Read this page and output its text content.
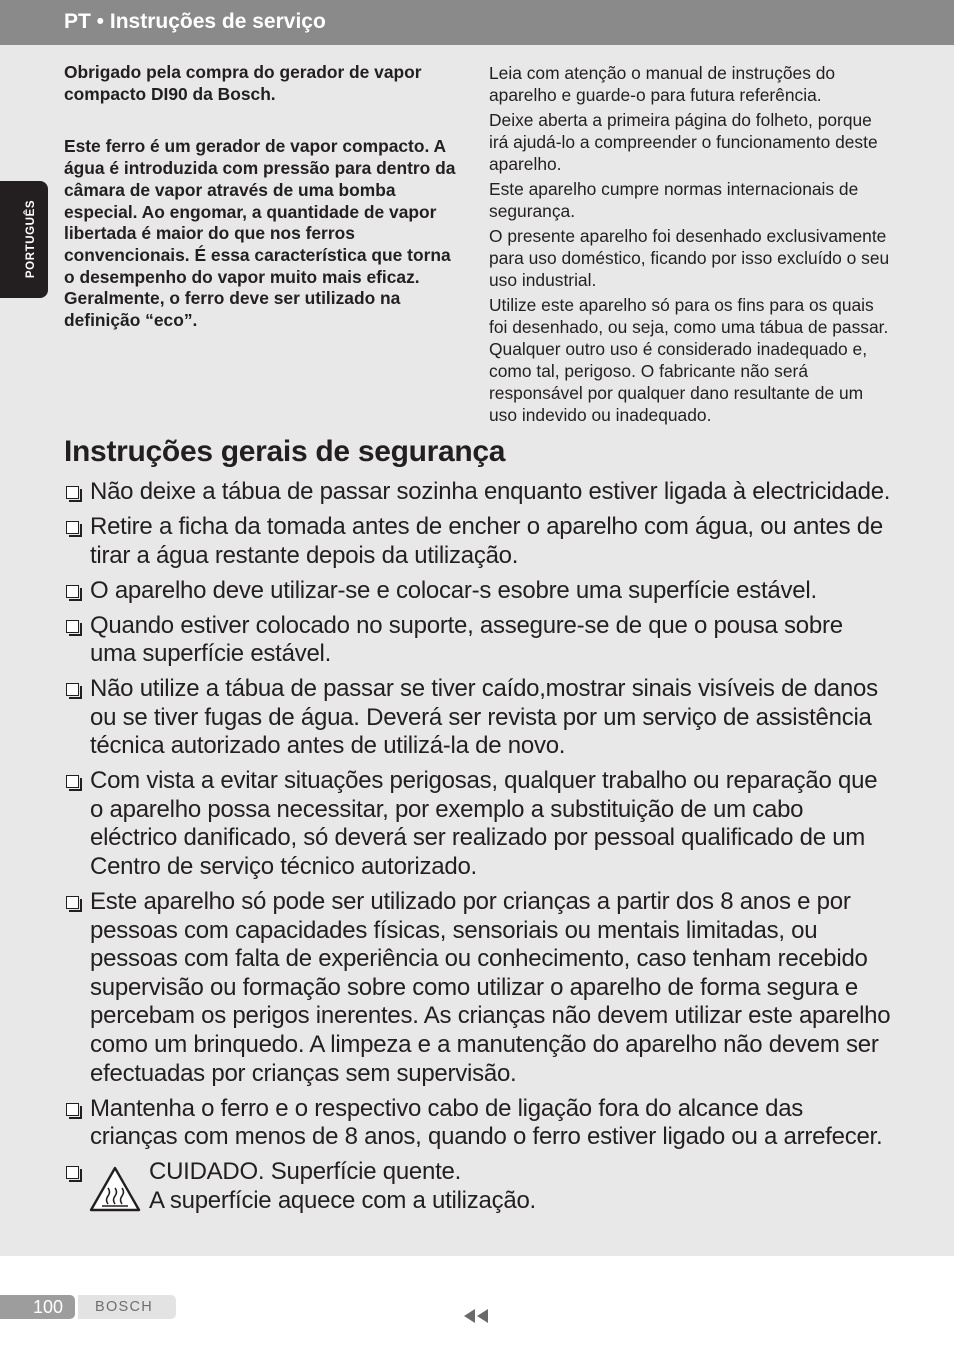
PT • Instruções de serviço
PORTUGUÊS

Obrigado pela compra do gerador de vapor compacto DI90 da Bosch.

Este ferro é um gerador de vapor compacto. A água é introduzida com pressão para dentro da câmara de vapor através de uma bomba especial. Ao engomar, a quantidade de vapor libertada é maior do que nos ferros convencionais. É essa característica que torna o desempenho do vapor muito mais eficaz. Geralmente, o ferro deve ser utilizado na definição “eco”.

Leia com atenção o manual de instruções do aparelho e guarde-o para futura referência.

Deixe aberta a primeira página do folheto, porque irá ajudá-lo a compreender o funcionamento deste aparelho.

Este aparelho cumpre normas internacionais de segurança.

O presente aparelho foi desenhado exclusivamente para uso doméstico, ficando por isso excluído o seu uso industrial.

Utilize este aparelho só para os fins para os quais foi desenhado, ou seja, como uma tábua de passar. Qualquer outro uso é considerado inadequado e, como tal, perigoso. O fabricante não será responsável por qualquer dano resultante de um uso indevido ou inadequado.

Instruções gerais de segurança
Não deixe a tábua de passar sozinha enquanto estiver ligada à electricidade.
Retire a ficha da tomada antes de encher o aparelho com água, ou antes de tirar a água restante depois da utilização.
O aparelho deve utilizar-se e colocar-s esobre uma superfície estável.
Quando estiver colocado no suporte, assegure-se de que o pousa sobre uma superfície estável.
Não utilize a tábua de passar se tiver caído,mostrar sinais visíveis de danos ou se tiver fugas de água. Deverá ser revista por um serviço de assistência técnica autorizado antes de utilizá-la de novo.
Com vista a evitar situações perigosas, qualquer trabalho ou reparação que o aparelho possa necessitar, por exemplo a substituição de um cabo eléctrico danificado, só deverá ser realizado por pessoal qualificado de um Centro de serviço técnico autorizado.
Este aparelho só pode ser utilizado por crianças a partir dos 8 anos e por pessoas com capacidades físicas, sensoriais ou mentais limitadas, ou pessoas com falta de experiência ou conhecimento, caso tenham recebido supervisão ou formação sobre como utilizar o aparelho de forma segura e percebam os perigos inerentes. As crianças não devem utilizar este aparelho como um brinquedo. A limpeza e a manutenção do aparelho não devem ser efectuadas por crianças sem supervisão.
Mantenha o ferro e o respectivo cabo de ligação fora do alcance das crianças com menos de 8 anos, quando o ferro estiver ligado ou a arrefecer.
CUIDADO. Superfície quente.
A superfície aquece com a utilização.
100 BOSCH
